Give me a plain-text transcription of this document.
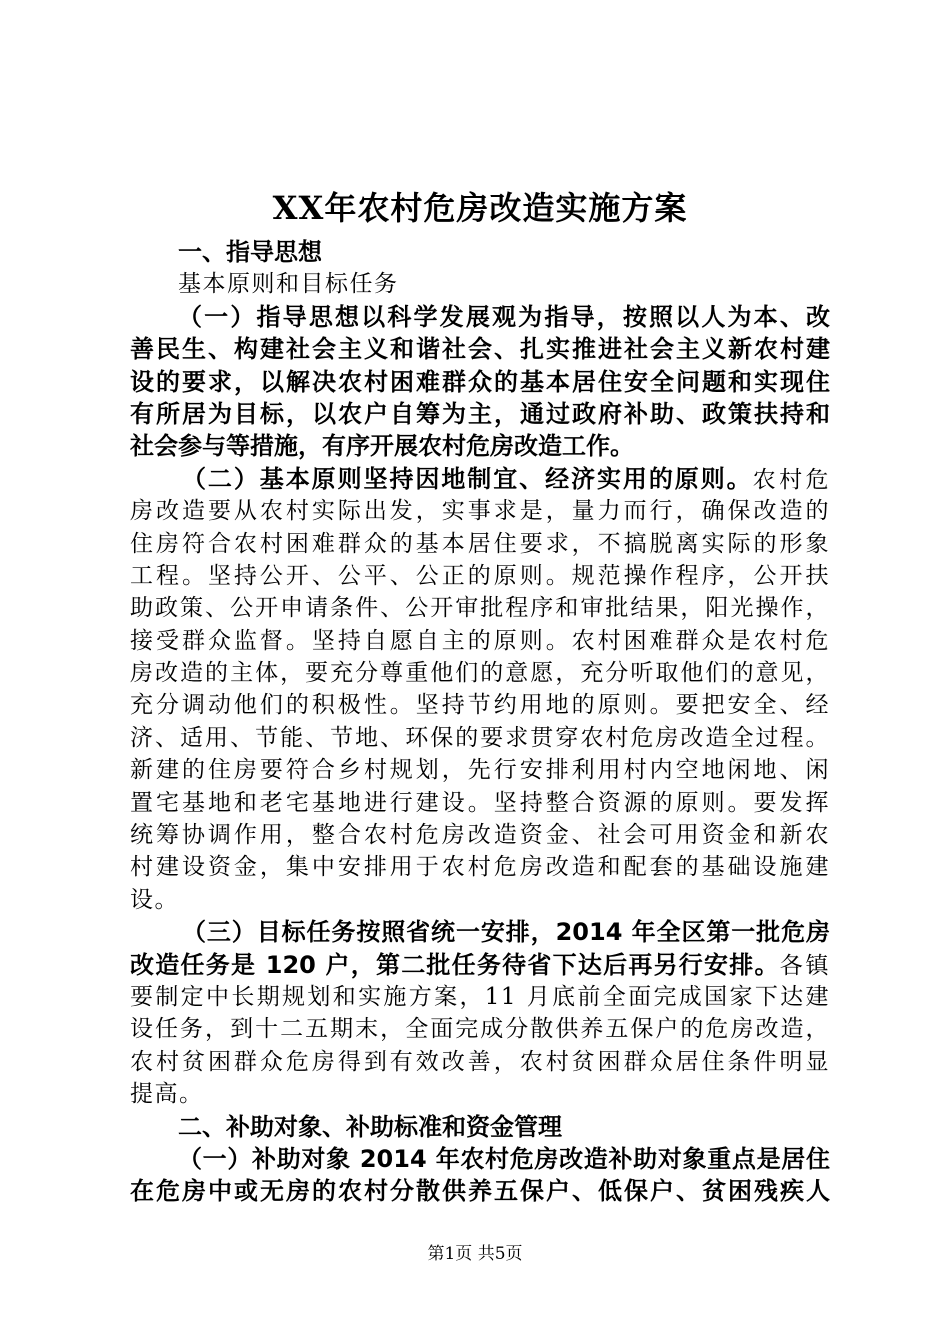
XX年农村危房改造实施方案
一、指导思想
基本原则和目标任务
（一）指导思想以科学发展观为指导，按照以人为本、改
善民生、构建社会主义和谐社会、扎实推进社会主义新农村建
设的要求，以解决农村困难群众的基本居住安全问题和实现住
有所居为目标，以农户自筹为主，通过政府补助、政策扶持和
社会参与等措施，有序开展农村危房改造工作。
（二）基本原则坚持因地制宜、经济实用的原则。农村危
房改造要从农村实际出发，实事求是，量力而行，确保改造的
住房符合农村困难群众的基本居住要求，不搞脱离实际的形象
工程。坚持公开、公平、公正的原则。规范操作程序，公开扶
助政策、公开申请条件、公开审批程序和审批结果，阳光操作，
接受群众监督。坚持自愿自主的原则。农村困难群众是农村危
房改造的主体，要充分尊重他们的意愿，充分听取他们的意见，
充分调动他们的积极性。坚持节约用地的原则。要把安全、经
济、适用、节能、节地、环保的要求贯穿农村危房改造全过程。
新建的住房要符合乡村规划，先行安排利用村内空地闲地、闲
置宅基地和老宅基地进行建设。坚持整合资源的原则。要发挥
统筹协调作用，整合农村危房改造资金、社会可用资金和新农
村建设资金，集中安排用于农村危房改造和配套的基础设施建
设。
（三）目标任务按照省统一安排，2014 年全区第一批危房
改造任务是 120 户，第二批任务待省下达后再另行安排。各镇
要制定中长期规划和实施方案，11 月底前全面完成国家下达建
设任务，到十二五期末，全面完成分散供养五保户的危房改造，
农村贫困群众危房得到有效改善，农村贫困群众居住条件明显
提高。
二、补助对象、补助标准和资金管理
（一）补助对象 2014 年农村危房改造补助对象重点是居住
在危房中或无房的农村分散供养五保户、低保户、贫困残疾人
第1页 共5页
